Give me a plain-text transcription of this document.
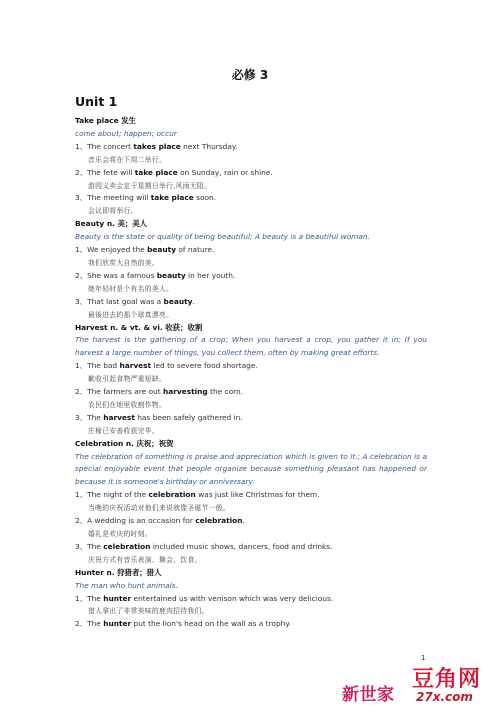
必修 3
Unit 1
Take place 发生
come about; happen; occur
1、The concert takes place next Thursday.
音乐会将在下周二举行。
2、The fete will take place on Sunday, rain or shine.
游园义卖会定于星期日举行,风雨无阻。
3、The meeting will take place soon.
会议即将举行。
Beauty n. 美；美人
Beauty is the state or quality of being beautiful; A beauty is a beautiful woman.
1、We enjoyed the beauty of nature.
我们欣赏大自然的美。
2、She was a famous beauty in her youth.
她年轻时是个有名的美人。
3、That last goal was a beauty.
最後进去的那个球真漂亮。
Harvest n. & vt. & vi. 收获；收割
The harvest is the gathering of a crop; When you harvest a crop, you gather it in; If you harvest a large number of things, you collect them, often by making great efforts.
1、The bad harvest led to severe food shortage.
歉收引起食物严重短缺。
2、The farmers are out harvesting the corn.
农民们在地里收割作物。
3、The harvest has been safely gathered in.
庄稼已安善收获完毕。
Celebration n. 庆祝；祝贺
The celebration of something is praise and appreciation which is given to it.; A celebration is a special enjoyable event that people organize because something pleasant has happened or because it is someone's birthday or anniversary.
1、The night of the celebration was just like Christmas for them.
当晚的庆祝活动对他们来说就像圣诞节一般。
2、A wedding is an occasion for celebration.
婚礼是欢庆的时刻。
3、The celebration included music shows, dancers, food and drinks.
庆祝方式有音乐表演、舞会、饮食。
Hunter n. 狩猎者；猎人
The man who hunt animals.
1、The hunter entertained us with venison which was very delicious.
猎人拿出了非常美味的鹿肉招待我们。
2、The hunter put the lion's head on the wall as a trophy.
1
新世家
豆角网
27x.com
